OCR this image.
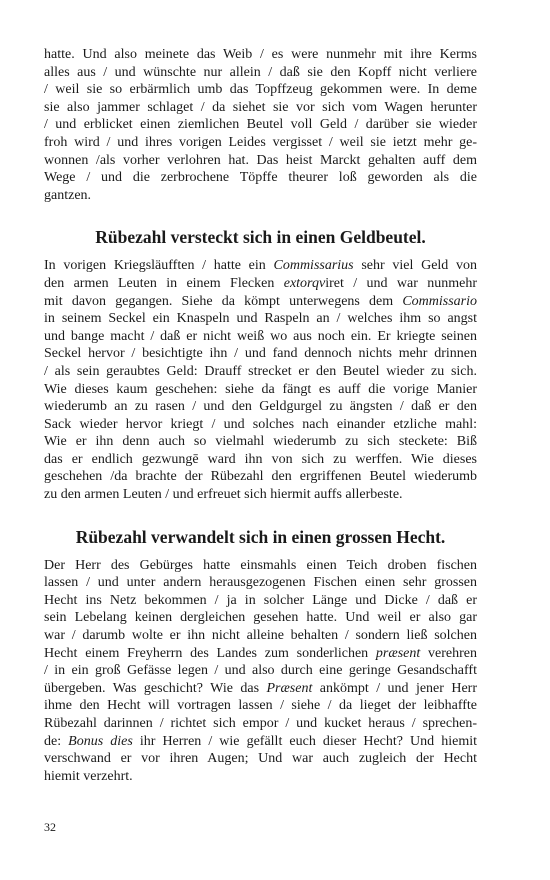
hatte. Und also meinete das Weib / es were nunmehr mit ihre Kerms
alles aus / und wünschte nur allein / daß sie den Kopff nicht verliere
/ weil sie so erbärmlich umb das Topffzeug gekommen were. In deme
sie also jammer schlaget / da siehet sie vor sich vom Wagen herunter
/ und erblicket einen ziemlichen Beutel voll Geld / darüber sie wieder
froh wird / und ihres vorigen Leides vergisset / weil sie ietzt mehr ge-
wonnen /als vorher verlohren hat. Das heist Marckt gehalten auff dem
Wege / und die zerbrochene Töpffe theurer loß geworden als die
gantzen.
Rübezahl versteckt sich in einen Geldbeutel.
In vorigen Kriegsläufften / hatte ein Commissarius sehr viel Geld von
den armen Leuten in einem Flecken extorqviret / und war nunmehr
mit davon gegangen. Siehe da kömpt unterwegens dem Commissario
in seinem Seckel ein Knaspeln und Raspeln an / welches ihm so angst
und bange macht / daß er nicht weiß wo aus noch ein. Er kriegte seinen
Seckel hervor / besichtigte ihn / und fand dennoch nichts mehr drinnen
/ als sein geraubtes Geld: Drauff strecket er den Beutel wieder zu sich.
Wie dieses kaum geschehen: siehe da fängt es auff die vorige Manier
wiederumb an zu rasen / und den Geldgurgel zu ängsten / daß er den
Sack wieder hervor kriegt / und solches nach einander etzliche mahl:
Wie er ihn denn auch so vielmahl wiederumb zu sich steckete: Biß
das er endlich gezwungē ward ihn von sich zu werffen. Wie dieses
geschehen /da brachte der Rübezahl den ergriffenen Beutel wiederumb
zu den armen Leuten / und erfreuet sich hiermit auffs allerbeste.
Rübezahl verwandelt sich in einen grossen Hecht.
Der Herr des Gebürges hatte einsmahls einen Teich droben fischen
lassen / und unter andern herausgezogenen Fischen einen sehr grossen
Hecht ins Netz bekommen / ja in solcher Länge und Dicke / daß er
sein Lebelang keinen dergleichen gesehen hatte. Und weil er also gar
war / darumb wolte er ihn nicht alleine behalten / sondern ließ solchen
Hecht einem Freyherrn des Landes zum sonderlichen præsent verehren
/ in ein groß Gefässe legen / und also durch eine geringe Gesandschafft
übergeben. Was geschicht? Wie das Præsent ankömpt / und jener Herr
ihme den Hecht will vortragen lassen / siehe / da lieget der leibhaffte
Rübezahl darinnen / richtet sich empor / und kucket heraus / sprechen-
de: Bonus dies ihr Herren / wie gefällt euch dieser Hecht? Und hiemit
verschwand er vor ihren Augen; Und war auch zugleich der Hecht
hiemit verzehrt.
32
